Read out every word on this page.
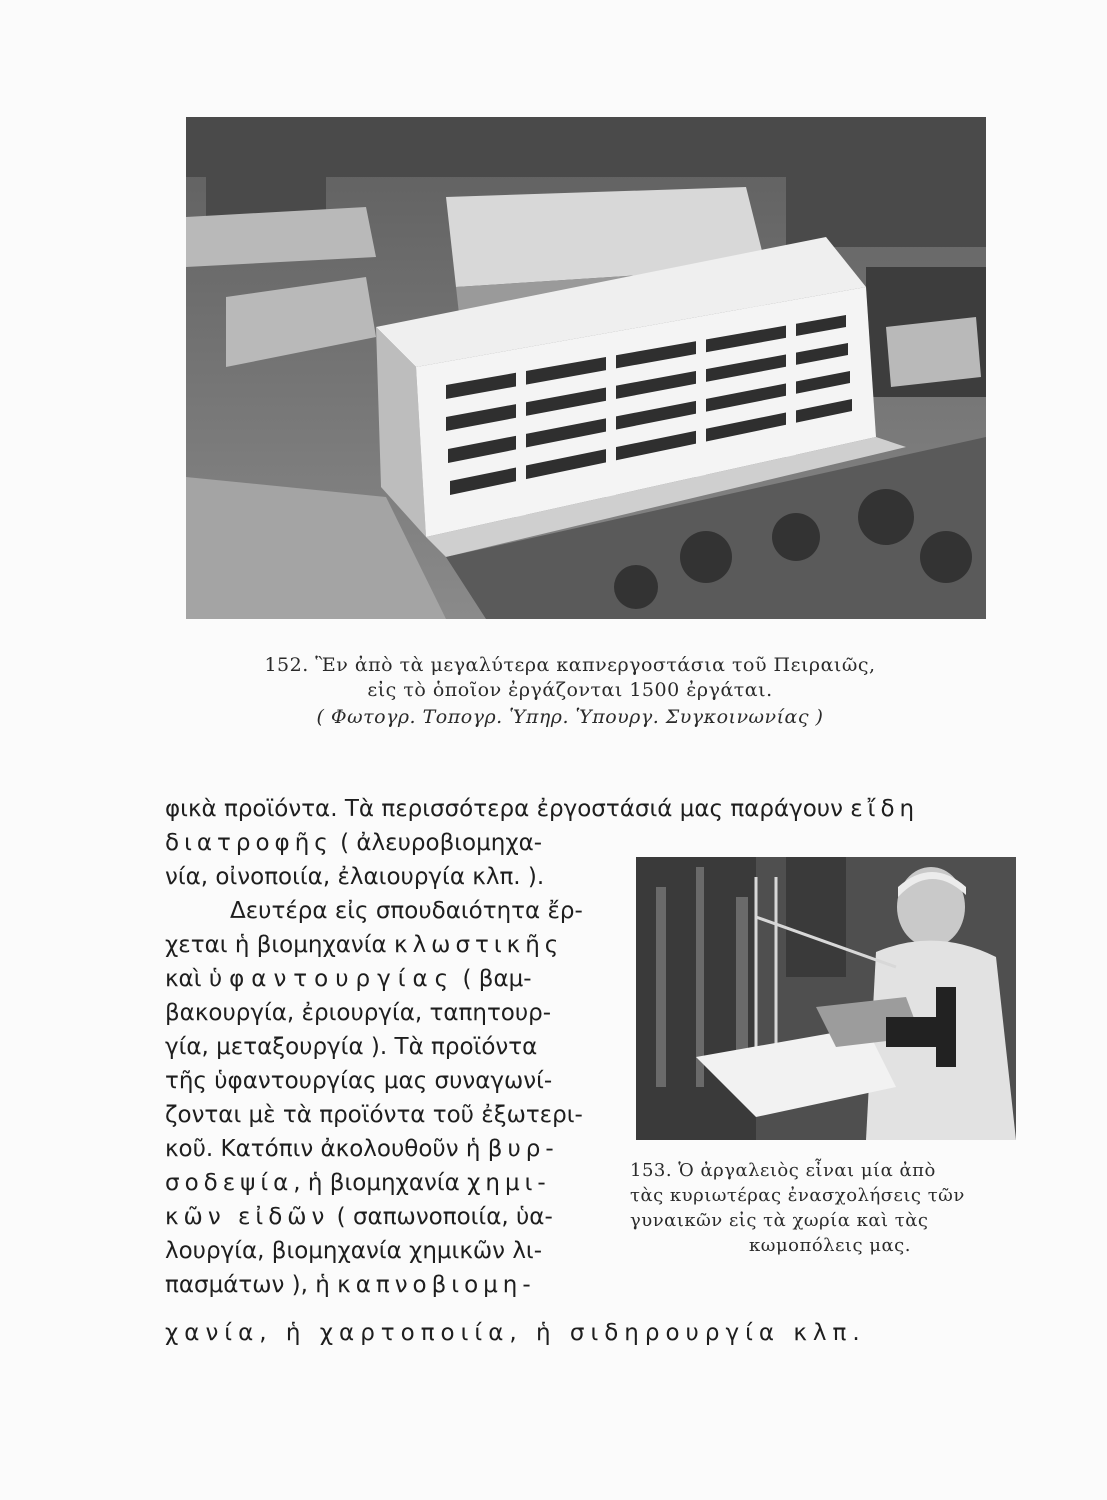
152. Ἓν ἀπὸ τὰ μεγαλύτερα καπνεργοστάσια τοῦ Πειραιῶς,
εἰς τὸ ὁποῖον ἐργάζονται 1500 ἐργάται.
( Φωτογρ. Τοπογρ. Ὑπηρ. Ὑπουργ. Συγκοινωνίας )

153. Ὁ ἀργαλειὸς εἶναι μία ἀπὸ
τὰς κυριωτέρας ἐνασχολήσεις τῶν
γυναικῶν εἰς τὰ χωρία καὶ τὰς
κωμοπόλεις μας.

φικὰ προϊόντα. Τὰ περισσότερα ἐργοστάσιά μας παράγουν εἴδη

διατροφῆς ( ἀλευροβιομηχα-

νία, οἰνοποιία, ἐλαιουργία κλπ. ).

Δευτέρα εἰς σπουδαιότητα ἔρ-

χεται ἡ βιομηχανία κλωστικῆς

καὶ ὑφαντουργίας ( βαμ-

βακουργία, ἐριουργία, ταπητουρ-

γία, μεταξουργία ). Τὰ προϊόντα

τῆς ὑφαντουργίας μας συναγωνί-

ζονται μὲ τὰ προϊόντα τοῦ ἐξωτερι-

κοῦ. Κατόπιν ἀκολουθοῦν ἡ βυρ-

σοδεψία, ἡ βιομηχανία χημι-

κῶν εἰδῶν ( σαπωνοποιία, ὑα-

λουργία, βιομηχανία χημικῶν λι-

πασμάτων ), ἡ καπνοβιομη-

χανία, ἡ χαρτοποιία, ἡ σιδηρουργία κλπ.
